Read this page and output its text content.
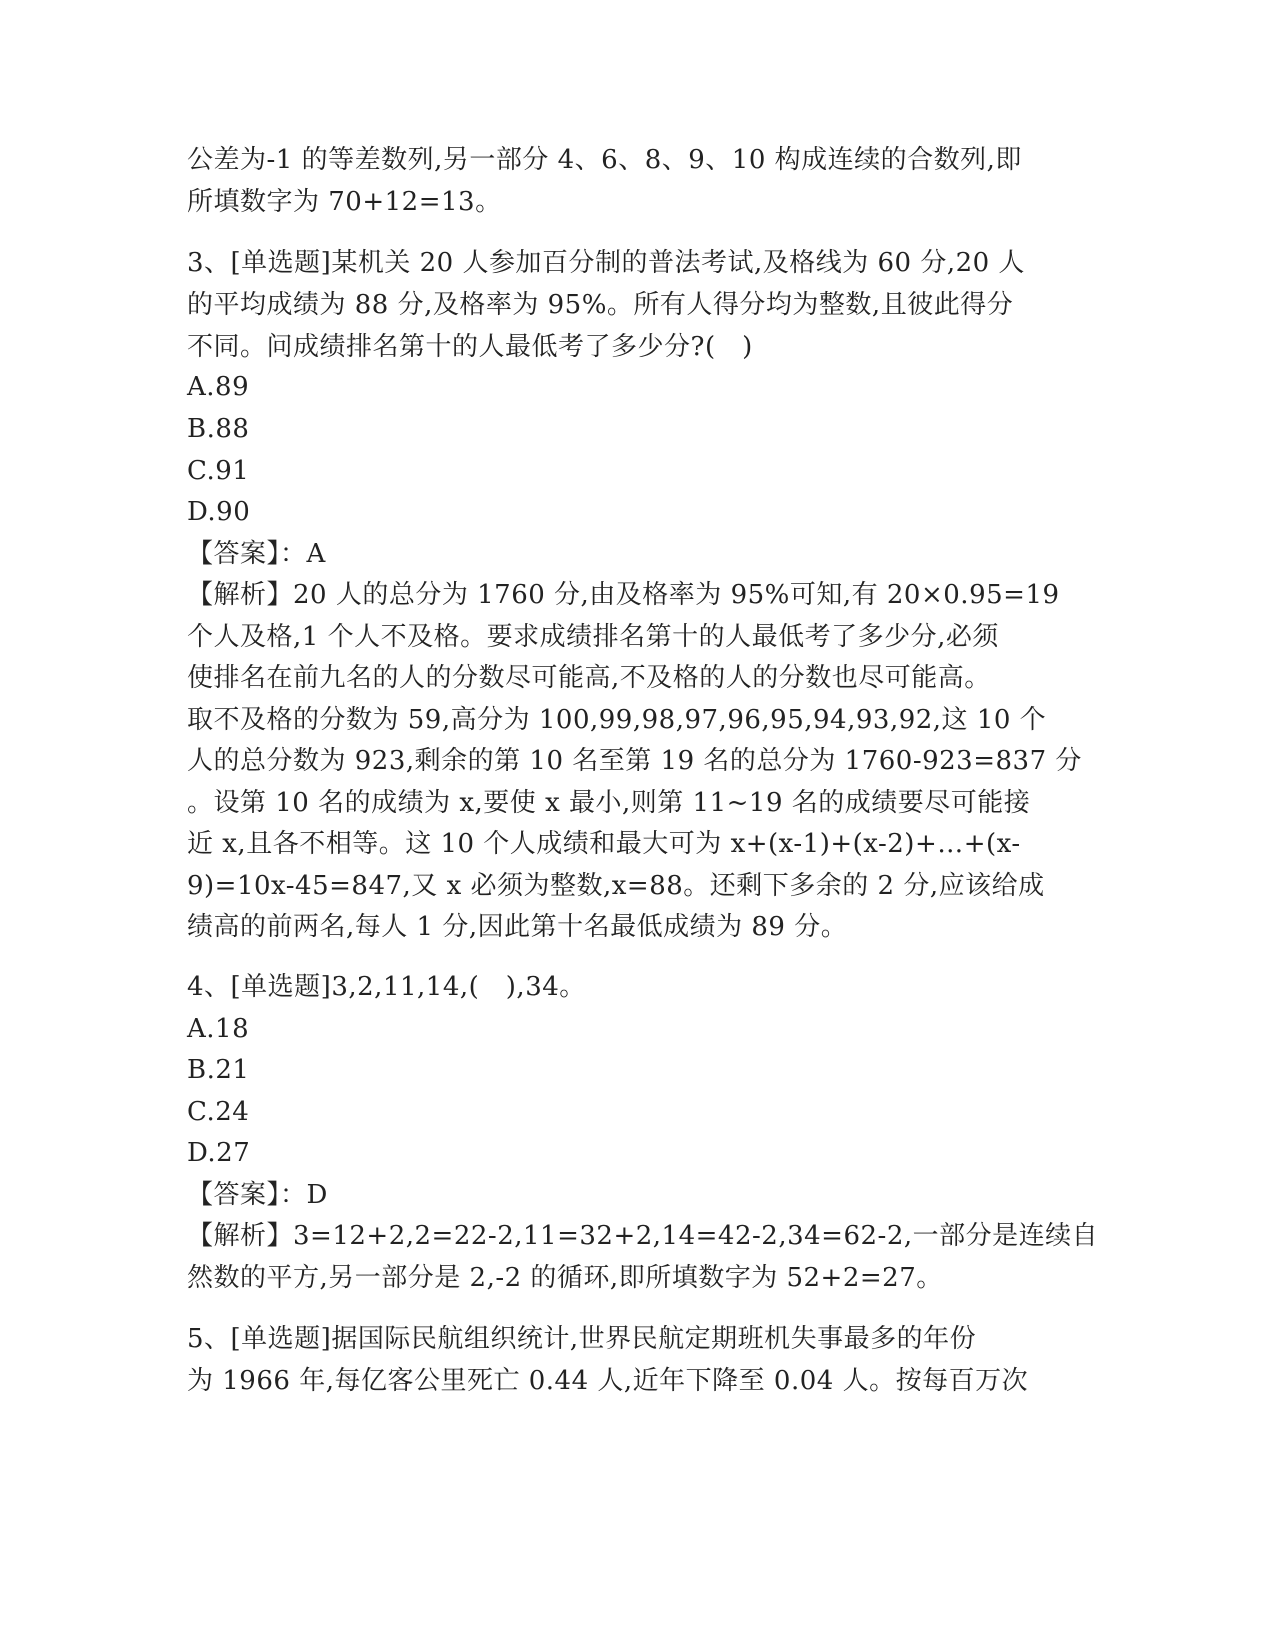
公差为-1 的等差数列,另一部分 4、6、8、9、10 构成连续的合数列,即
所填数字为 70+12=13。
3、[单选题]某机关 20 人参加百分制的普法考试,及格线为 60 分,20 人
的平均成绩为 88 分,及格率为 95%。所有人得分均为整数,且彼此得分
不同。问成绩排名第十的人最低考了多少分?(　)
A.89
B.88
C.91
D.90
【答案】：A
【解析】20 人的总分为 1760 分,由及格率为 95%可知,有 20×0.95=19
个人及格,1 个人不及格。要求成绩排名第十的人最低考了多少分,必须
使排名在前九名的人的分数尽可能高,不及格的人的分数也尽可能高。
取不及格的分数为 59,高分为 100,99,98,97,96,95,94,93,92,这 10 个
人的总分数为 923,剩余的第 10 名至第 19 名的总分为 1760-923=837 分
。设第 10 名的成绩为 x,要使 x 最小,则第 11~19 名的成绩要尽可能接
近 x,且各不相等。这 10 个人成绩和最大可为 x+(x-1)+(x-2)+…+(x-
9)=10x-45=847,又 x 必须为整数,x=88。还剩下多余的 2 分,应该给成
绩高的前两名,每人 1 分,因此第十名最低成绩为 89 分。
4、[单选题]3,2,11,14,(　),34。
A.18
B.21
C.24
D.27
【答案】：D
【解析】3=12+2,2=22-2,11=32+2,14=42-2,34=62-2,一部分是连续自
然数的平方,另一部分是 2,-2 的循环,即所填数字为 52+2=27。
5、[单选题]据国际民航组织统计,世界民航定期班机失事最多的年份
为 1966 年,每亿客公里死亡 0.44 人,近年下降至 0.04 人。按每百万次
